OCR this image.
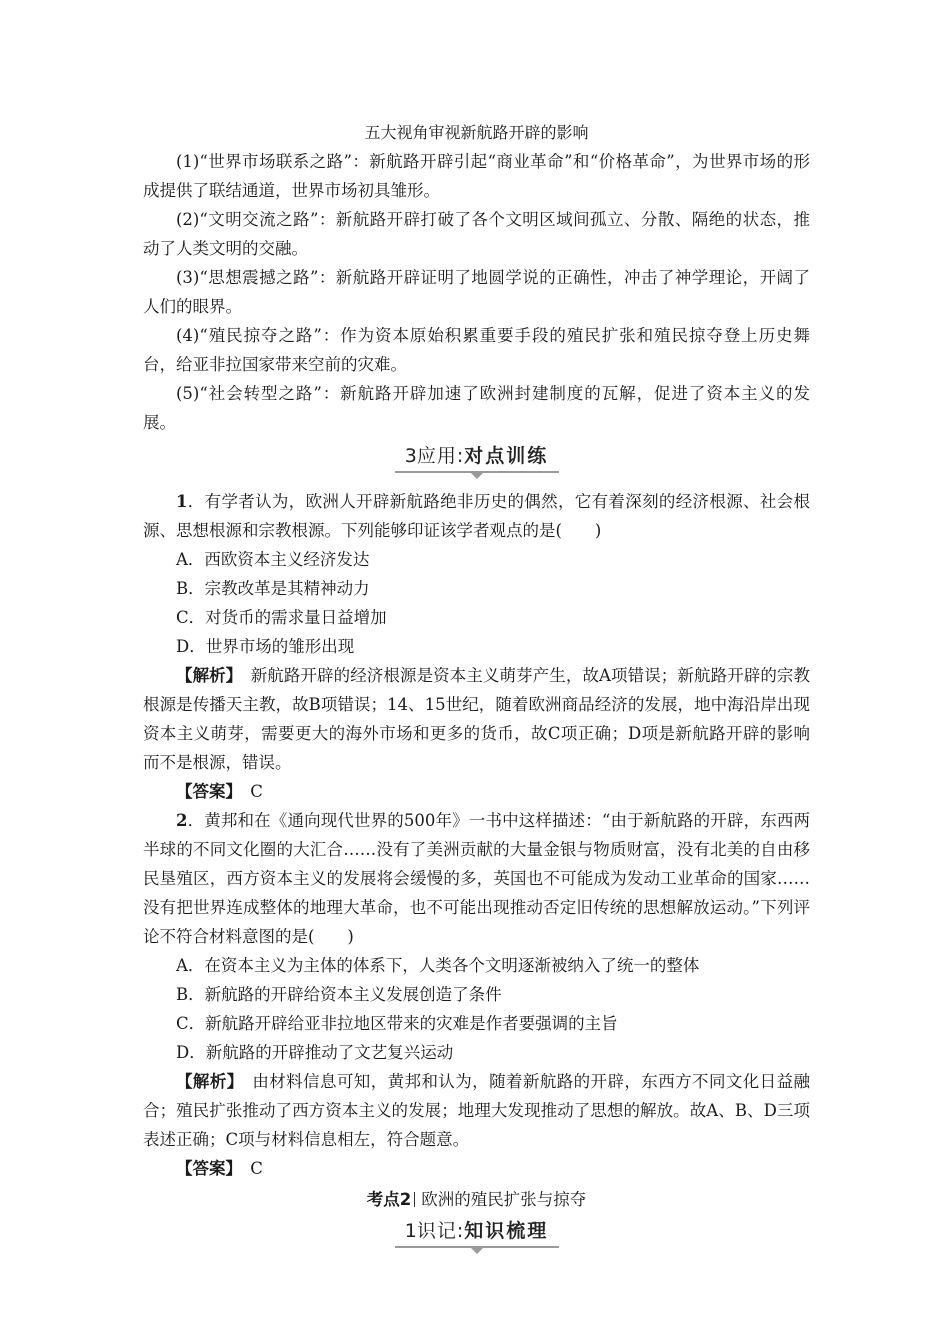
五大视角审视新航路开辟的影响

(1)“世界市场联系之路”：新航路开辟引起“商业革命”和“价格革命”，为世界市场的形成提供了联结通道，世界市场初具雏形。

(2)“文明交流之路”：新航路开辟打破了各个文明区域间孤立、分散、隔绝的状态，推动了人类文明的交融。

(3)“思想震撼之路”：新航路开辟证明了地圆学说的正确性，冲击了神学理论，开阔了人们的眼界。

(4)“殖民掠夺之路”：作为资本原始积累重要手段的殖民扩张和殖民掠夺登上历史舞台，给亚非拉国家带来空前的灾难。

(5)“社会转型之路”：新航路开辟加速了欧洲封建制度的瓦解，促进了资本主义的发展。

3应用:对点训练

1．有学者认为，欧洲人开辟新航路绝非历史的偶然，它有着深刻的经济根源、社会根源、思想根源和宗教根源。下列能够印证该学者观点的是(　　)

A．西欧资本主义经济发达

B．宗教改革是其精神动力

C．对货币的需求量日益增加

D．世界市场的雏形出现

【解析】　新航路开辟的经济根源是资本主义萌芽产生，故A项错误；新航路开辟的宗教根源是传播天主教，故B项错误；14、15世纪，随着欧洲商品经济的发展，地中海沿岸出现资本主义萌芽，需要更大的海外市场和更多的货币，故C项正确；D项是新航路开辟的影响而不是根源，错误。

【答案】　C

2．黄邦和在《通向现代世界的500年》一书中这样描述：“由于新航路的开辟，东西两半球的不同文化圈的大汇合……没有了美洲贡献的大量金银与物质财富，没有北美的自由移民垦殖区，西方资本主义的发展将会缓慢的多，英国也不可能成为发动工业革命的国家……没有把世界连成整体的地理大革命，也不可能出现推动否定旧传统的思想解放运动。”下列评论不符合材料意图的是(　　)

A．在资本主义为主体的体系下，人类各个文明逐渐被纳入了统一的整体

B．新航路的开辟给资本主义发展创造了条件

C．新航路开辟给亚非拉地区带来的灾难是作者要强调的主旨

D．新航路的开辟推动了文艺复兴运动

【解析】　由材料信息可知，黄邦和认为，随着新航路的开辟，东西方不同文化日益融合；殖民扩张推动了西方资本主义的发展；地理大发现推动了思想的解放。故A、B、D三项表述正确；C项与材料信息相左，符合题意。

【答案】　C

考点2 欧洲的殖民扩张与掠夺

1识记:知识梳理
